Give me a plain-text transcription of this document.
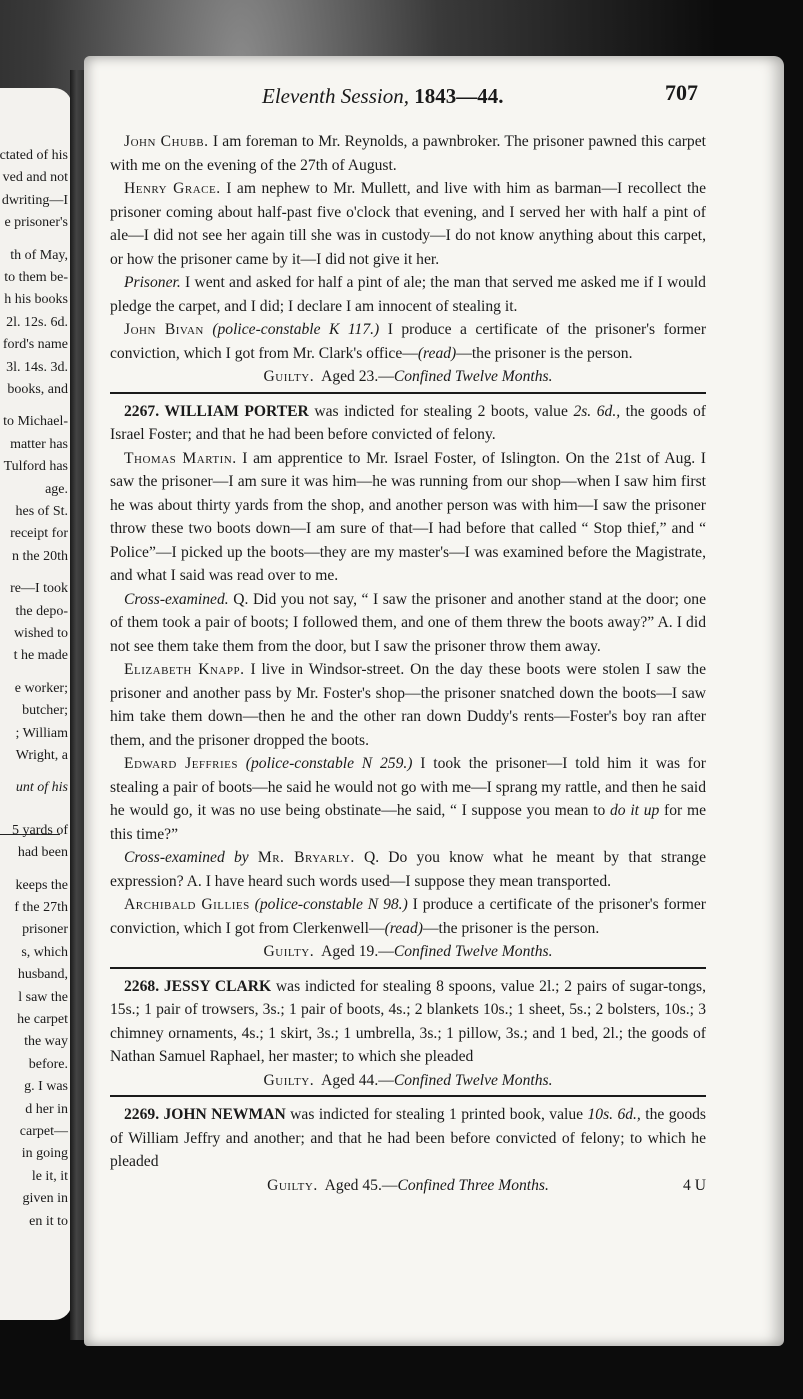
ctated of his
ved and not
dwriting—I
e prisoner's
th of May,
to them be-
h his books
2l. 12s. 6d.
ford's name
3l. 14s. 3d.
books, and
to Michael-
matter has
Tulford has
age.
hes of St.
receipt for
n the 20th
re—I took
the depo-
wished to
t he made
e worker;
butcher;
; William
Wright, a
unt of his
5 yards of
had been
keeps the
f the 27th
prisoner
s, which
husband,
l saw the
he carpet
the way
before.
g. I was
d her in
carpet—
in going
le it, it
given in
en it to
Eleventh Session, 1843—44.	707

John Chubb. I am foreman to Mr. Reynolds, a pawnbroker. The prisoner pawned this carpet with me on the evening of the 27th of August.

Henry Grace. I am nephew to Mr. Mullett, and live with him as barman—I recollect the prisoner coming about half-past five o'clock that evening, and I served her with half a pint of ale—I did not see her again till she was in custody—I do not know anything about this carpet, or how the prisoner came by it—I did not give it her.

Prisoner. I went and asked for half a pint of ale; the man that served me asked me if I would pledge the carpet, and I did; I declare I am innocent of stealing it.

John Bivan (police-constable K 117.) I produce a certificate of the prisoner's former conviction, which I got from Mr. Clark's office—(read)—the prisoner is the person.

Guilty. Aged 23.—Confined Twelve Months.

2267. WILLIAM PORTER was indicted for stealing 2 boots, value 2s. 6d., the goods of Israel Foster; and that he had been before convicted of felony.

Thomas Martin. I am apprentice to Mr. Israel Foster, of Islington. On the 21st of Aug. I saw the prisoner—I am sure it was him—he was running from our shop—when I saw him first he was about thirty yards from the shop, and another person was with him—I saw the prisoner throw these two boots down—I am sure of that—I had before that called “ Stop thief,” and “ Police”—I picked up the boots—they are my master's—I was examined before the Magistrate, and what I said was read over to me.

Cross-examined. Q. Did you not say, “ I saw the prisoner and another stand at the door; one of them took a pair of boots; I followed them, and one of them threw the boots away?” A. I did not see them take them from the door, but I saw the prisoner throw them away.

Elizabeth Knapp. I live in Windsor-street. On the day these boots were stolen I saw the prisoner and another pass by Mr. Foster's shop—the prisoner snatched down the boots—I saw him take them down—then he and the other ran down Duddy's rents—Foster's boy ran after them, and the prisoner dropped the boots.

Edward Jeffries (police-constable N 259.) I took the prisoner—I told him it was for stealing a pair of boots—he said he would not go with me—I sprang my rattle, and then he said he would go, it was no use being obstinate—he said, “ I suppose you mean to do it up for me this time?”

Cross-examined by Mr. Bryarly. Q. Do you know what he meant by that strange expression? A. I have heard such words used—I suppose they mean transported.

Archibald Gillies (police-constable N 98.) I produce a certificate of the prisoner's former conviction, which I got from Clerkenwell—(read)—the prisoner is the person.

Guilty. Aged 19.—Confined Twelve Months.

2268. JESSY CLARK was indicted for stealing 8 spoons, value 2l.; 2 pairs of sugar-tongs, 15s.; 1 pair of trowsers, 3s.; 1 pair of boots, 4s.; 2 blankets 10s.; 1 sheet, 5s.; 2 bolsters, 10s.; 3 chimney ornaments, 4s.; 1 skirt, 3s.; 1 umbrella, 3s.; 1 pillow, 3s.; and 1 bed, 2l.; the goods of Nathan Samuel Raphael, her master; to which she pleaded

Guilty. Aged 44.—Confined Twelve Months.

2269. JOHN NEWMAN was indicted for stealing 1 printed book, value 10s. 6d., the goods of William Jeffry and another; and that he had been before convicted of felony; to which he pleaded

Guilty. Aged 45.—Confined Three Months.	4 U
